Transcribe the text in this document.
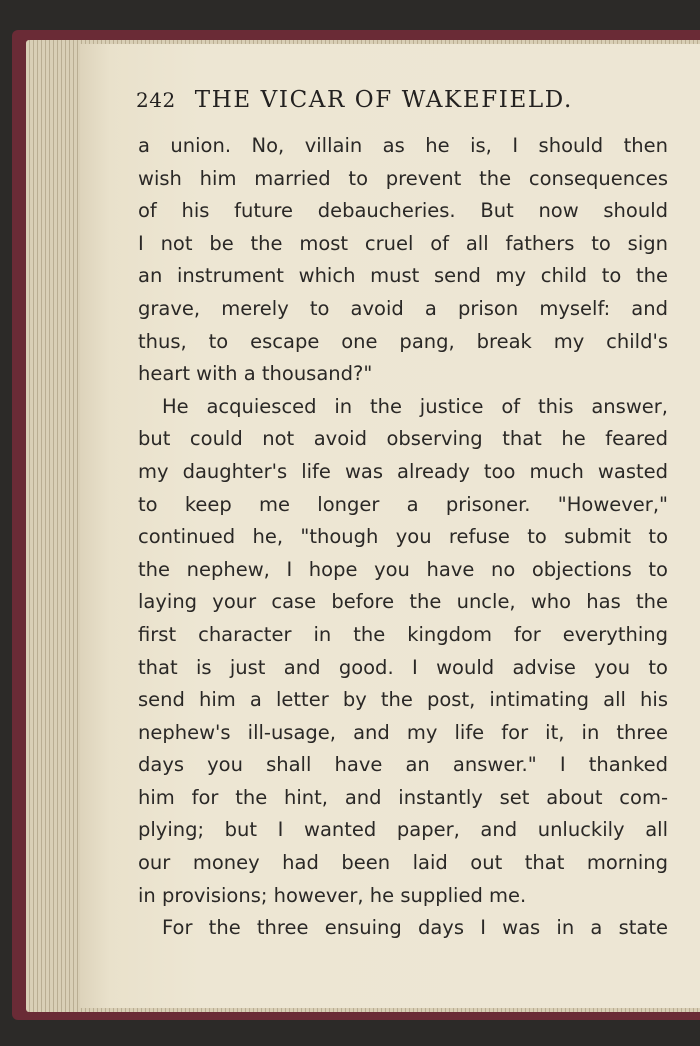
242 THE VICAR OF WAKEFIELD.
a union. No, villain as he is, I should then
wish him married to prevent the consequences
of his future debaucheries. But now should
I not be the most cruel of all fathers to sign
an instrument which must send my child to the
grave, merely to avoid a prison myself: and
thus, to escape one pang, break my child's
heart with a thousand?"
He acquiesced in the justice of this answer,
but could not avoid observing that he feared
my daughter's life was already too much wasted
to keep me longer a prisoner. "However,"
continued he, "though you refuse to submit to
the nephew, I hope you have no objections to
laying your case before the uncle, who has the
first character in the kingdom for everything
that is just and good. I would advise you to
send him a letter by the post, intimating all his
nephew's ill-usage, and my life for it, in three
days you shall have an answer." I thanked
him for the hint, and instantly set about com-
plying; but I wanted paper, and unluckily all
our money had been laid out that morning
in provisions; however, he supplied me.
For the three ensuing days I was in a state
